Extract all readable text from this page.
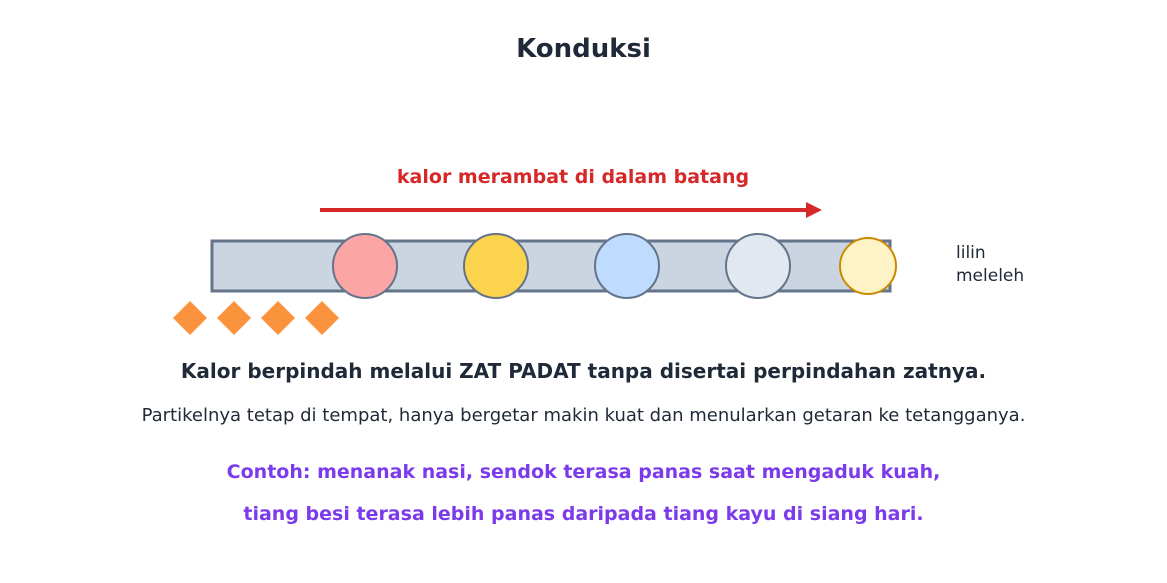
Konduksi
kalor merambat di dalam batang
lilin
meleleh
Kalor berpindah melalui ZAT PADAT tanpa disertai perpindahan zatnya.
Partikelnya tetap di tempat, hanya bergetar makin kuat dan menularkan getaran ke tetangganya.
Contoh: menanak nasi, sendok terasa panas saat mengaduk kuah,
tiang besi terasa lebih panas daripada tiang kayu di siang hari.
